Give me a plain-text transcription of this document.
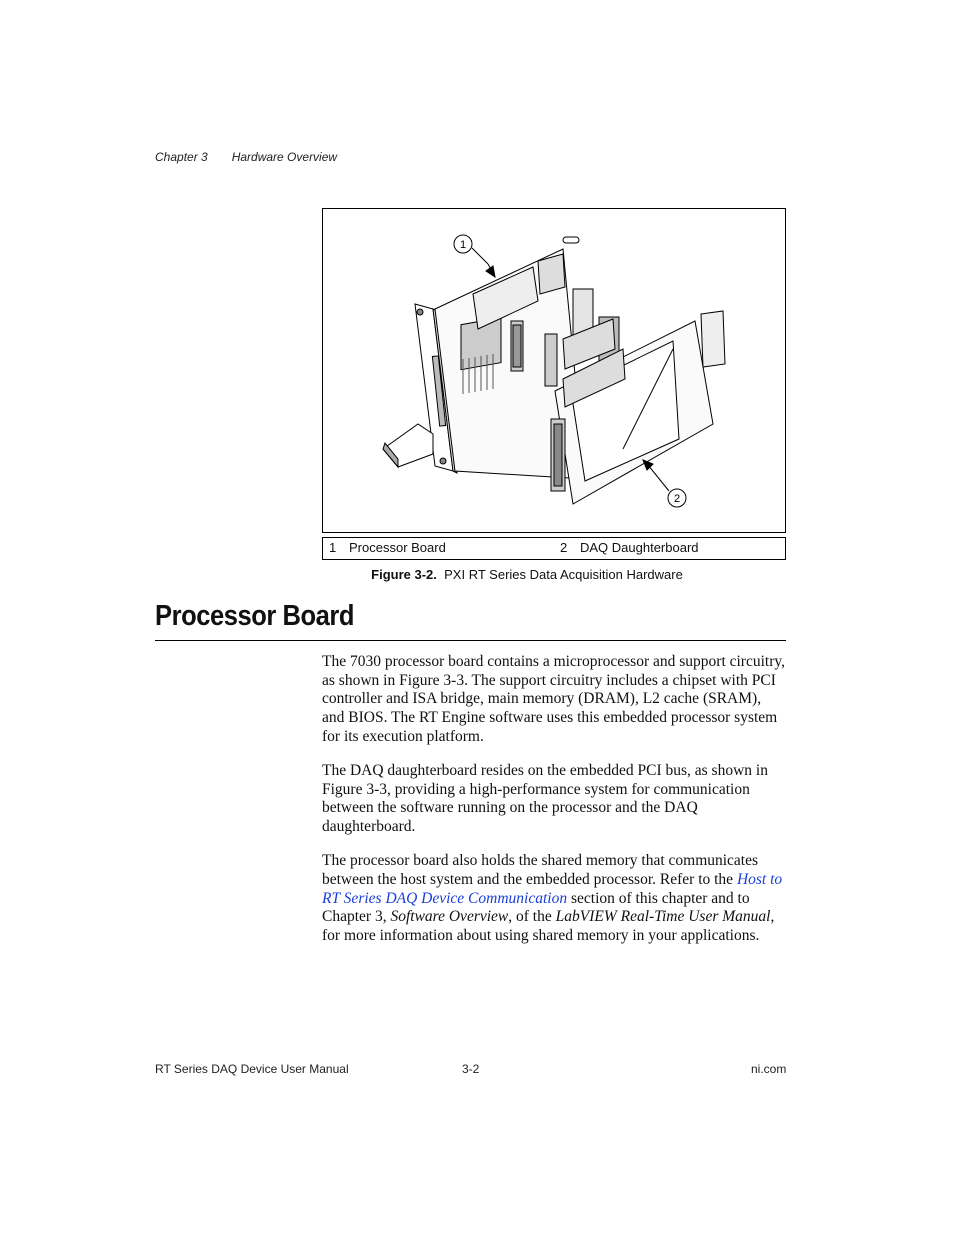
Chapter 3 Hardware Overview
1
2
1 Processor Board	2 DAQ Daughterboard
Figure 3-2. PXI RT Series Data Acquisition Hardware
Processor Board

The 7030 processor board contains a microprocessor and support circuitry, as shown in Figure 3-3. The support circuitry includes a chipset with PCI controller and ISA bridge, main memory (DRAM), L2 cache (SRAM), and BIOS. The RT Engine software uses this embedded processor system for its execution platform.

The DAQ daughterboard resides on the embedded PCI bus, as shown in Figure 3-3, providing a high-performance system for communication between the software running on the processor and the DAQ daughterboard.

The processor board also holds the shared memory that communicates between the host system and the embedded processor. Refer to the Host to RT Series DAQ Device Communication section of this chapter and to Chapter 3, Software Overview, of the LabVIEW Real-Time User Manual, for more information about using shared memory in your applications.

RT Series DAQ Device User Manual	3-2	ni.com
